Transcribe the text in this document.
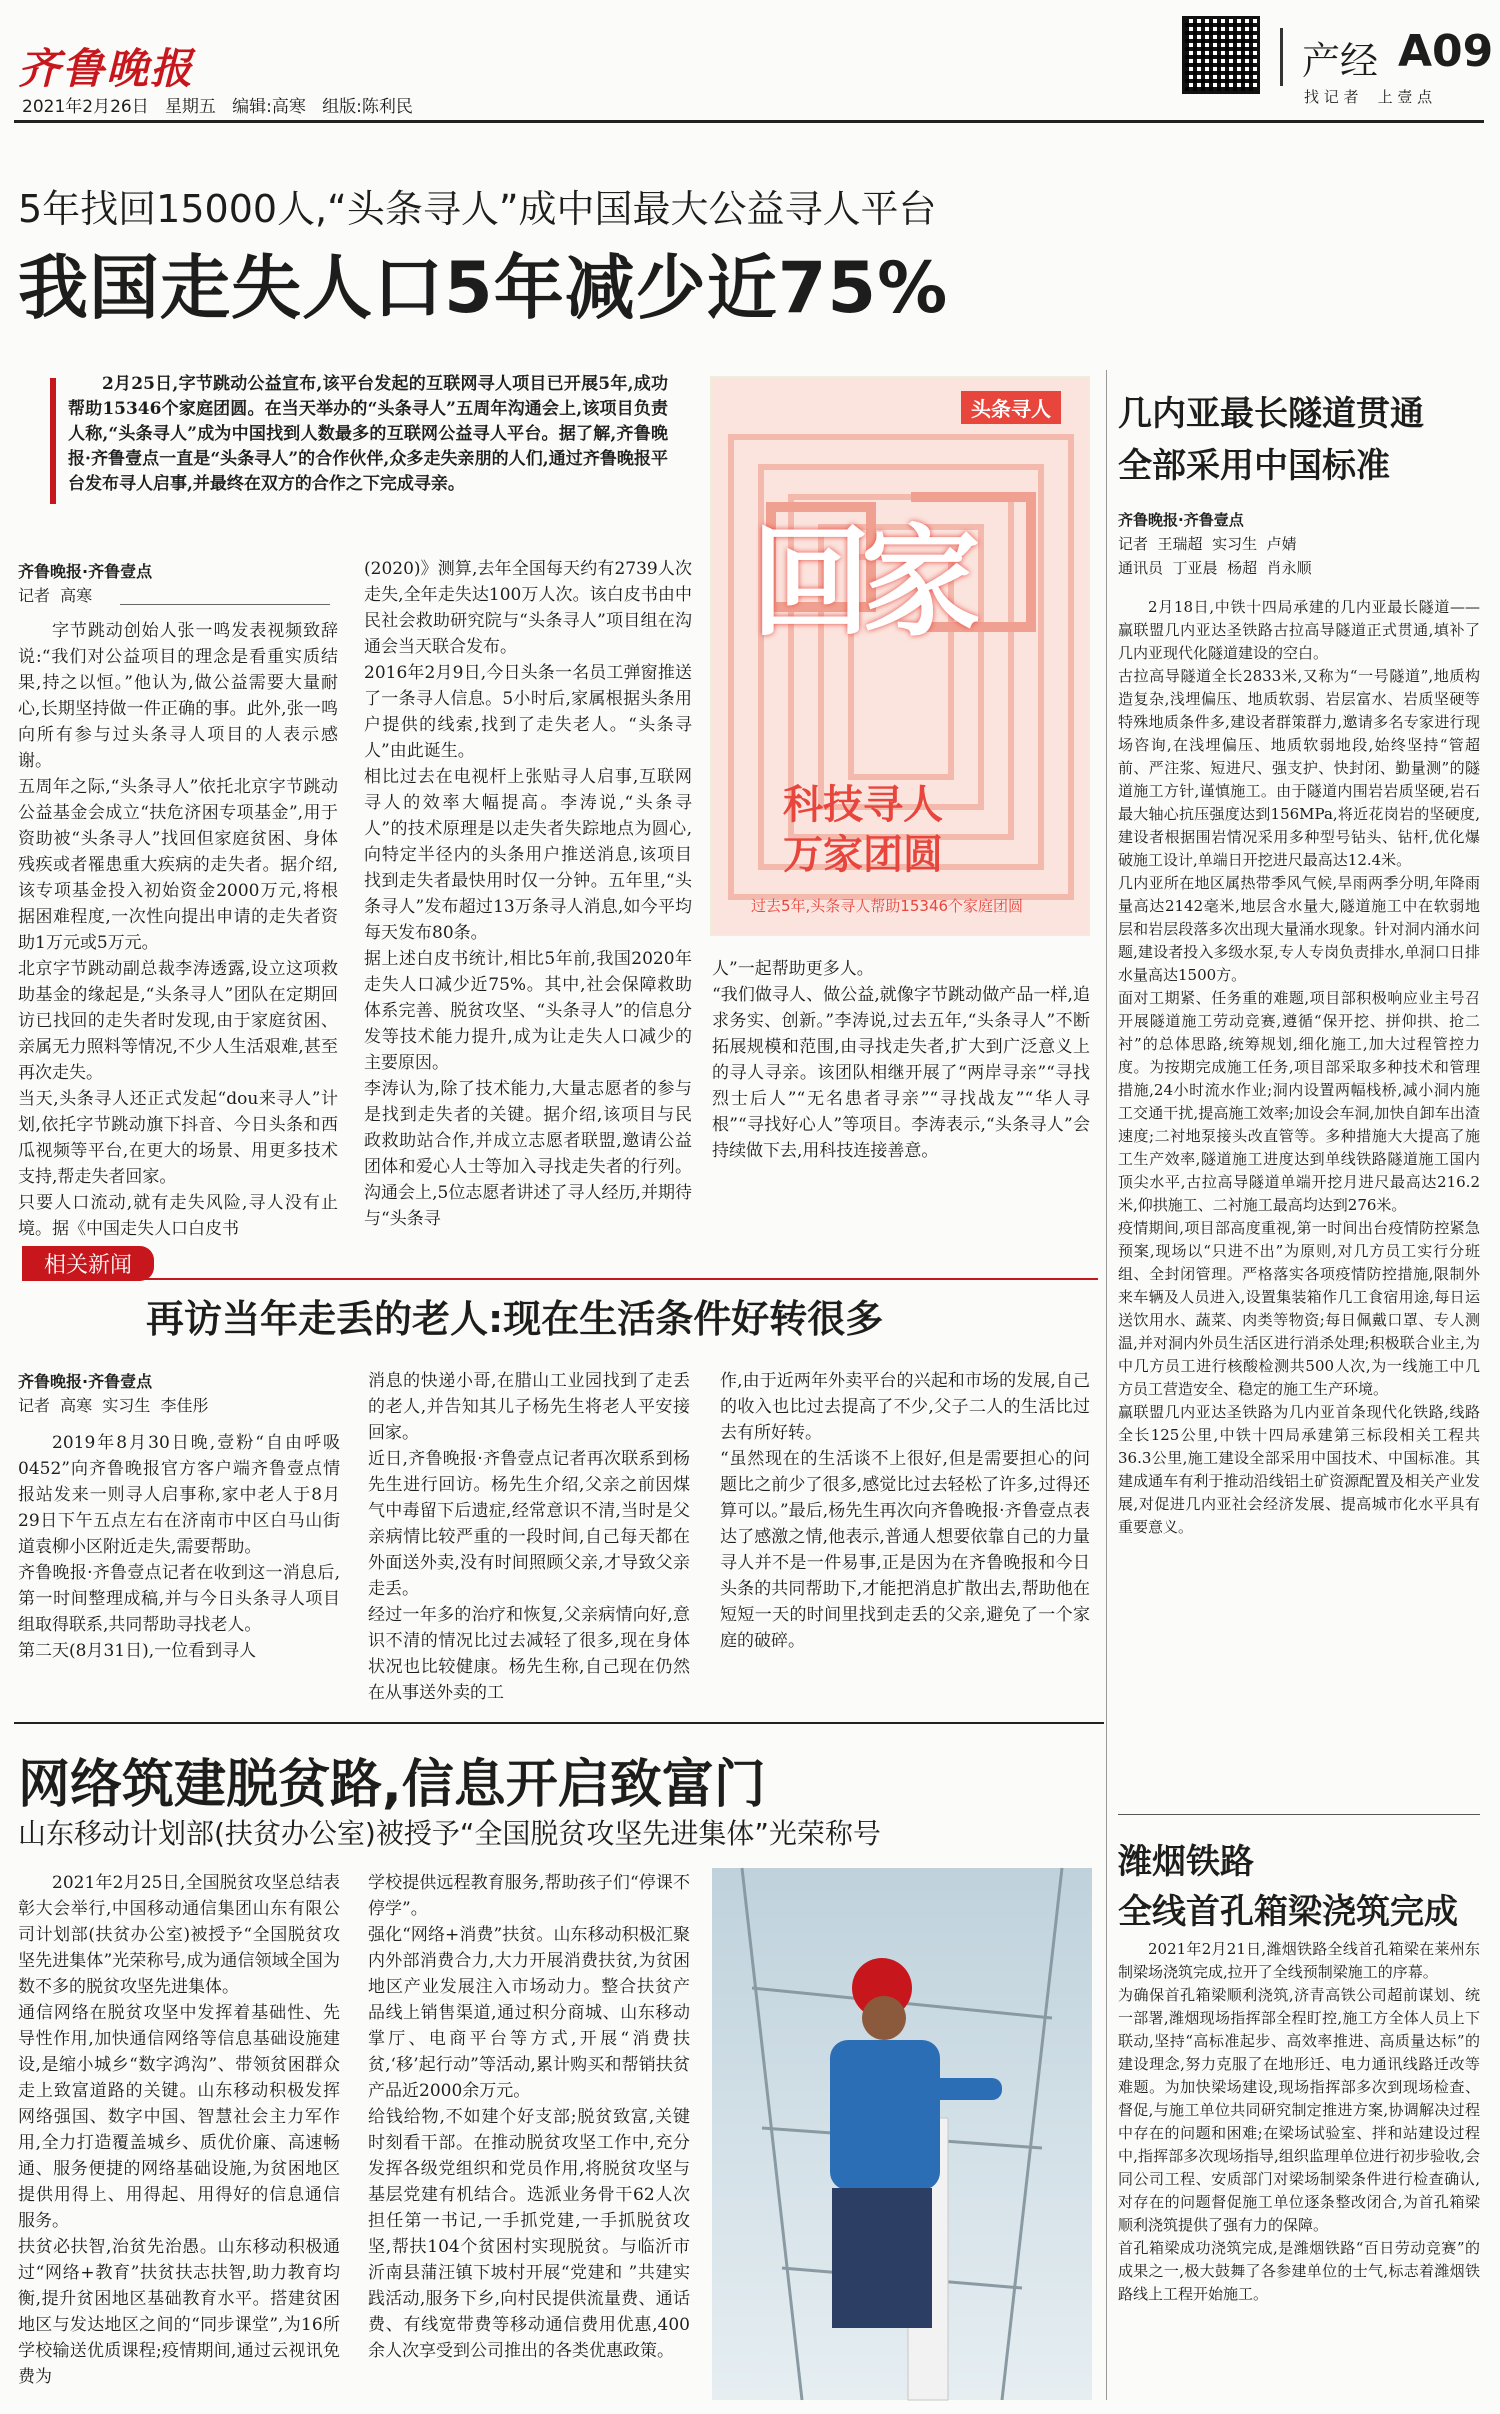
齐鲁晚报
2021年2月26日 星期五 编辑:高寒 组版:陈利民
产经 A09
找 记 者    上 壹 点
5年找回15000人,“头条寻人”成中国最大公益寻人平台
我国走失人口5年减少近75%
2月25日,字节跳动公益宣布,该平台发起的互联网寻人项目已开展5年,成功帮助15346个家庭团圆。在当天举办的“头条寻人”五周年沟通会上,该项目负责人称,“头条寻人”成为中国找到人数最多的互联网公益寻人平台。据了解,齐鲁晚报·齐鲁壹点一直是“头条寻人”的合作伙伴,众多走失亲朋的人们,通过齐鲁晚报平台发布寻人启事,并最终在双方的合作之下完成寻亲。
头条寻人
回家
科技寻人
万家团圆
过去5年,头条寻人帮助15346个家庭团圆
齐鲁晚报·齐鲁壹点
记者  高寒
字节跳动创始人张一鸣发表视频致辞说:“我们对公益项目的理念是看重实质结果,持之以恒。”他认为,做公益需要大量耐心,长期坚持做一件正确的事。此外,张一鸣向所有参与过头条寻人项目的人表示感谢。
五周年之际,“头条寻人”依托北京字节跳动公益基金会成立“扶危济困专项基金”,用于资助被“头条寻人”找回但家庭贫困、身体残疾或者罹患重大疾病的走失者。据介绍,该专项基金投入初始资金2000万元,将根据困难程度,一次性向提出申请的走失者资助1万元或5万元。
北京字节跳动副总裁李涛透露,设立这项救助基金的缘起是,“头条寻人”团队在定期回访已找回的走失者时发现,由于家庭贫困、亲属无力照料等情况,不少人生活艰难,甚至再次走失。
当天,头条寻人还正式发起“dou来寻人”计划,依托字节跳动旗下抖音、今日头条和西瓜视频等平台,在更大的场景、用更多技术支持,帮走失者回家。
只要人口流动,就有走失风险,寻人没有止境。据《中国走失人口白皮书
(2020)》测算,去年全国每天约有2739人次走失,全年走失达100万人次。该白皮书由中民社会救助研究院与“头条寻人”项目组在沟通会当天联合发布。
2016年2月9日,今日头条一名员工弹窗推送了一条寻人信息。5小时后,家属根据头条用户提供的线索,找到了走失老人。“头条寻人”由此诞生。
相比过去在电视杆上张贴寻人启事,互联网寻人的效率大幅提高。李涛说,“头条寻人”的技术原理是以走失者失踪地点为圆心,向特定半径内的头条用户推送消息,该项目找到走失者最快用时仅一分钟。五年里,“头条寻人”发布超过13万条寻人消息,如今平均每天发布80条。
据上述白皮书统计,相比5年前,我国2020年走失人口减少近75%。其中,社会保障救助体系完善、脱贫攻坚、“头条寻人”的信息分发等技术能力提升,成为让走失人口减少的主要原因。
李涛认为,除了技术能力,大量志愿者的参与是找到走失者的关键。据介绍,该项目与民政救助站合作,并成立志愿者联盟,邀请公益团体和爱心人士等加入寻找走失者的行列。沟通会上,5位志愿者讲述了寻人经历,并期待与“头条寻
人”一起帮助更多人。
“我们做寻人、做公益,就像字节跳动做产品一样,追求务实、创新。”李涛说,过去五年,“头条寻人”不断拓展规模和范围,由寻找走失者,扩大到广泛意义上的寻人寻亲。该团队相继开展了“两岸寻亲”“寻找烈士后人”“无名患者寻亲”“寻找战友”“华人寻根”“寻找好心人”等项目。李涛表示,“头条寻人”会持续做下去,用科技连接善意。
相关新闻
再访当年走丢的老人:现在生活条件好转很多
齐鲁晚报·齐鲁壹点
记者  高寒  实习生  李佳彤
2019年8月30日晚,壹粉“自由呼吸0452”向齐鲁晚报官方客户端齐鲁壹点情报站发来一则寻人启事称,家中老人于8月29日下午五点左右在济南市中区白马山街道袁柳小区附近走失,需要帮助。
齐鲁晚报·齐鲁壹点记者在收到这一消息后,第一时间整理成稿,并与今日头条寻人项目组取得联系,共同帮助寻找老人。
第二天(8月31日),一位看到寻人
消息的快递小哥,在腊山工业园找到了走丢的老人,并告知其儿子杨先生将老人平安接回家。
近日,齐鲁晚报·齐鲁壹点记者再次联系到杨先生进行回访。杨先生介绍,父亲之前因煤气中毒留下后遗症,经常意识不清,当时是父亲病情比较严重的一段时间,自己每天都在外面送外卖,没有时间照顾父亲,才导致父亲走丢。
经过一年多的治疗和恢复,父亲病情向好,意识不清的情况比过去减轻了很多,现在身体状况也比较健康。杨先生称,自己现在仍然在从事送外卖的工
作,由于近两年外卖平台的兴起和市场的发展,自己的收入也比过去提高了不少,父子二人的生活比过去有所好转。
“虽然现在的生活谈不上很好,但是需要担心的问题比之前少了很多,感觉比过去轻松了许多,过得还算可以。”最后,杨先生再次向齐鲁晚报·齐鲁壹点表达了感激之情,他表示,普通人想要依靠自己的力量寻人并不是一件易事,正是因为在齐鲁晚报和今日头条的共同帮助下,才能把消息扩散出去,帮助他在短短一天的时间里找到走丢的父亲,避免了一个家庭的破碎。
网络筑建脱贫路,信息开启致富门
山东移动计划部(扶贫办公室)被授予“全国脱贫攻坚先进集体”光荣称号
2021年2月25日,全国脱贫攻坚总结表彰大会举行,中国移动通信集团山东有限公司计划部(扶贫办公室)被授予“全国脱贫攻坚先进集体”光荣称号,成为通信领域全国为数不多的脱贫攻坚先进集体。
通信网络在脱贫攻坚中发挥着基础性、先导性作用,加快通信网络等信息基础设施建设,是缩小城乡“数字鸿沟”、带领贫困群众走上致富道路的关键。山东移动积极发挥网络强国、数字中国、智慧社会主力军作用,全力打造覆盖城乡、质优价廉、高速畅通、服务便捷的网络基础设施,为贫困地区提供用得上、用得起、用得好的信息通信服务。
扶贫必扶智,治贫先治愚。山东移动积极通过“网络+教育”扶贫扶志扶智,助力教育均衡,提升贫困地区基础教育水平。搭建贫困地区与发达地区之间的“同步课堂”,为16所学校输送优质课程;疫情期间,通过云视讯免费为
学校提供远程教育服务,帮助孩子们“停课不停学”。
强化“网络+消费”扶贫。山东移动积极汇聚内外部消费合力,大力开展消费扶贫,为贫困地区产业发展注入市场动力。整合扶贫产品线上销售渠道,通过积分商城、山东移动掌厅、电商平台等方式,开展“消费扶贫,‘移’起行动”等活动,累计购买和帮销扶贫产品近2000余万元。
给钱给物,不如建个好支部;脱贫致富,关键时刻看干部。在推动脱贫攻坚工作中,充分发挥各级党组织和党员作用,将脱贫攻坚与基层党建有机结合。选派业务骨干62人次担任第一书记,一手抓党建,一手抓脱贫攻坚,帮扶104个贫困村实现脱贫。与临沂市沂南县蒲汪镇下坡村开展“党建和 ”共建实践活动,服务下乡,向村民提供流量费、通话费、有线宽带费等移动通信费用优惠,400余人次享受到公司推出的各类优惠政策。
几内亚最长隧道贯通
全部采用中国标准
齐鲁晚报·齐鲁壹点
记者  王瑞超  实习生  卢婧
通讯员  丁亚晨  杨超  肖永顺
2月18日,中铁十四局承建的几内亚最长隧道——赢联盟几内亚达圣铁路古拉高导隧道正式贯通,填补了几内亚现代化隧道建设的空白。
古拉高导隧道全长2833米,又称为“一号隧道”,地质构造复杂,浅埋偏压、地质软弱、岩层富水、岩质坚硬等特殊地质条件多,建设者群策群力,邀请多名专家进行现场咨询,在浅埋偏压、地质软弱地段,始终坚持“管超前、严注浆、短进尺、强支护、快封闭、勤量测”的隧道施工方针,谨慎施工。由于隧道内围岩岩质坚硬,岩石最大轴心抗压强度达到156MPa,将近花岗岩的坚硬度,建设者根据围岩情况采用多种型号钻头、钻杆,优化爆破施工设计,单端日开挖进尺最高达12.4米。
几内亚所在地区属热带季风气候,旱雨两季分明,年降雨量高达2142毫米,地层含水量大,隧道施工中在软弱地层和岩层段落多次出现大量涌水现象。针对洞内涌水问题,建设者投入多级水泵,专人专岗负责排水,单洞口日排水量高达1500方。
面对工期紧、任务重的难题,项目部积极响应业主号召开展隧道施工劳动竞赛,遵循“保开挖、拼仰拱、抢二衬”的总体思路,统筹规划,细化施工,加大过程管控力度。为按期完成施工任务,项目部采取多种技术和管理措施,24小时流水作业;洞内设置两幅栈桥,减小洞内施工交通干扰,提高施工效率;加设会车洞,加快自卸车出渣速度;二衬地泵接头改直管等。多种措施大大提高了施工生产效率,隧道施工进度达到单线铁路隧道施工国内顶尖水平,古拉高导隧道单端开挖月进尺最高达216.2米,仰拱施工、二衬施工最高均达到276米。
疫情期间,项目部高度重视,第一时间出台疫情防控紧急预案,现场以“只进不出”为原则,对几方员工实行分班组、全封闭管理。严格落实各项疫情防控措施,限制外来车辆及人员进入,设置集装箱作几工食宿用途,每日运送饮用水、蔬菜、肉类等物资;每日佩戴口罩、专人测温,并对洞内外员生活区进行消杀处理;积极联合业主,为中几方员工进行核酸检测共500人次,为一线施工中几方员工营造安全、稳定的施工生产环境。
赢联盟几内亚达圣铁路为几内亚首条现代化铁路,线路全长125公里,中铁十四局承建第三标段相关工程共36.3公里,施工建设全部采用中国技术、中国标准。其建成通车有利于推动沿线铝土矿资源配置及相关产业发展,对促进几内亚社会经济发展、提高城市化水平具有重要意义。
潍烟铁路
全线首孔箱梁浇筑完成
2021年2月21日,潍烟铁路全线首孔箱梁在莱州东制梁场浇筑完成,拉开了全线预制梁施工的序幕。
为确保首孔箱梁顺利浇筑,济青高铁公司超前谋划、统一部署,潍烟现场指挥部全程盯控,施工方全体人员上下联动,坚持“高标准起步、高效率推进、高质量达标”的建设理念,努力克服了在地形迁、电力通讯线路迁改等难题。为加快梁场建设,现场指挥部多次到现场检查、督促,与施工单位共同研究制定推进方案,协调解决过程中存在的问题和困难;在梁场试验室、拌和站建设过程中,指挥部多次现场指导,组织监理单位进行初步验收,会同公司工程、安质部门对梁场制梁条件进行检查确认,对存在的问题督促施工单位逐条整改闭合,为首孔箱梁顺利浇筑提供了强有力的保障。
首孔箱梁成功浇筑完成,是潍烟铁路“百日劳动竞赛”的成果之一,极大鼓舞了各参建单位的士气,标志着潍烟铁路线上工程开始施工。
